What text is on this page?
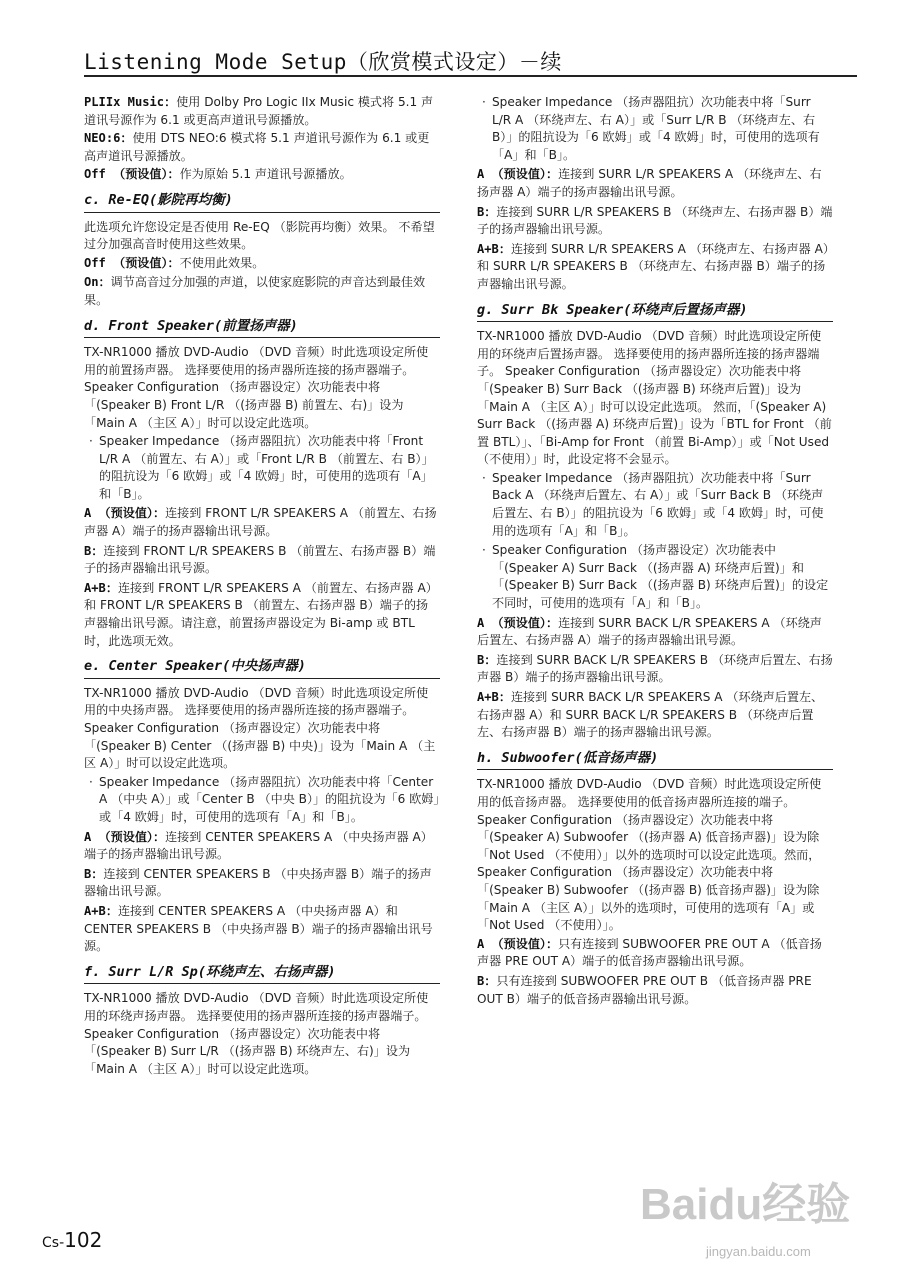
Listening Mode Setup（欣赏模式设定）－续

PLIIx Music：使用 Dolby Pro Logic IIx Music 模式将 5.1 声道讯号源作为 6.1 或更高声道讯号源播放。

NEO:6：使用 DTS NEO:6 模式将 5.1 声道讯号源作为 6.1 或更高声道讯号源播放。

Off （预设值）：作为原始 5.1 声道讯号源播放。

c. Re-EQ(影院再均衡)

此选项允许您设定是否使用 Re-EQ （影院再均衡）效果。 不希望过分加强高音时使用这些效果。

Off （预设值）：不使用此效果。

On：调节高音过分加强的声道，以使家庭影院的声音达到最佳效果。

d. Front Speaker(前置扬声器)

TX-NR1000 播放 DVD-Audio （DVD 音频）时此选项设定所使用的前置扬声器。 选择要使用的扬声器所连接的扬声器端子。Speaker Configuration （扬声器设定）次功能表中将「(Speaker B) Front L/R （(扬声器 B) 前置左、右)」设为「Main A （主区 A）」时可以设定此选项。

· Speaker Impedance （扬声器阻抗）次功能表中将「Front L/R A （前置左、右 A）」或「Front L/R B （前置左、右 B）」的阻抗设为「6 欧姆」或「4 欧姆」时，可使用的选项有「A」和「B」。

A （预设值）：连接到 FRONT L/R SPEAKERS A （前置左、右扬声器 A）端子的扬声器输出讯号源。

B：连接到 FRONT L/R SPEAKERS B （前置左、右扬声器 B）端子的扬声器输出讯号源。

A+B：连接到 FRONT L/R SPEAKERS A （前置左、右扬声器 A）和 FRONT L/R SPEAKERS B （前置左、右扬声器 B）端子的扬声器输出讯号源。请注意，前置扬声器设定为 Bi-amp 或 BTL 时，此选项无效。

e. Center Speaker(中央扬声器)

TX-NR1000 播放 DVD-Audio （DVD 音频）时此选项设定所使用的中央扬声器。 选择要使用的扬声器所连接的扬声器端子。Speaker Configuration （扬声器设定）次功能表中将「(Speaker B) Center （(扬声器 B) 中央)」设为「Main A （主区 A）」时可以设定此选项。

· Speaker Impedance （扬声器阻抗）次功能表中将「Center A （中央 A）」或「Center B （中央 B）」的阻抗设为「6 欧姆」或「4 欧姆」时，可使用的选项有「A」和「B」。

A （预设值）：连接到 CENTER SPEAKERS A （中央扬声器 A）端子的扬声器输出讯号源。

B：连接到 CENTER SPEAKERS B （中央扬声器 B）端子的扬声器输出讯号源。

A+B：连接到 CENTER SPEAKERS A （中央扬声器 A）和 CENTER SPEAKERS B （中央扬声器 B）端子的扬声器输出讯号源。

f. Surr L/R Sp(环绕声左、右扬声器)

TX-NR1000 播放 DVD-Audio （DVD 音频）时此选项设定所使用的环绕声扬声器。 选择要使用的扬声器所连接的扬声器端子。Speaker Configuration （扬声器设定）次功能表中将「(Speaker B) Surr L/R （(扬声器 B) 环绕声左、右)」设为「Main A （主区 A）」时可以设定此选项。

· Speaker Impedance （扬声器阻抗）次功能表中将「Surr L/R A （环绕声左、右 A）」或「Surr L/R B （环绕声左、右 B）」的阻抗设为「6 欧姆」或「4 欧姆」时，可使用的选项有「A」和「B」。

A （预设值）：连接到 SURR L/R SPEAKERS A （环绕声左、右扬声器 A）端子的扬声器输出讯号源。

B：连接到 SURR L/R SPEAKERS B （环绕声左、右扬声器 B）端子的扬声器输出讯号源。

A+B：连接到 SURR L/R SPEAKERS A （环绕声左、右扬声器 A）和 SURR L/R SPEAKERS B （环绕声左、右扬声器 B）端子的扬声器输出讯号源。

g. Surr Bk Speaker(环绕声后置扬声器)

TX-NR1000 播放 DVD-Audio （DVD 音频）时此选项设定所使用的环绕声后置扬声器。 选择要使用的扬声器所连接的扬声器端子。 Speaker Configuration （扬声器设定）次功能表中将「(Speaker B) Surr Back （(扬声器 B) 环绕声后置)」设为「Main A （主区 A）」时可以设定此选项。 然而，「(Speaker A) Surr Back （(扬声器 A) 环绕声后置)」设为「BTL for Front （前置 BTL）」、「Bi-Amp for Front （前置 Bi-Amp）」或「Not Used （不使用）」时，此设定将不会显示。

· Speaker Impedance （扬声器阻抗）次功能表中将「Surr Back A （环绕声后置左、右 A）」或「Surr Back B （环绕声后置左、右 B）」的阻抗设为「6 欧姆」或「4 欧姆」时，可使用的选项有「A」和「B」。

· Speaker Configuration （扬声器设定）次功能表中「(Speaker A) Surr Back （(扬声器 A) 环绕声后置)」和「(Speaker B) Surr Back （(扬声器 B) 环绕声后置)」的设定不同时，可使用的选项有「A」和「B」。

A （预设值）：连接到 SURR BACK L/R SPEAKERS A （环绕声后置左、右扬声器 A）端子的扬声器输出讯号源。

B：连接到 SURR BACK L/R SPEAKERS B （环绕声后置左、右扬声器 B）端子的扬声器输出讯号源。

A+B：连接到 SURR BACK L/R SPEAKERS A （环绕声后置左、右扬声器 A）和 SURR BACK L/R SPEAKERS B （环绕声后置左、右扬声器 B）端子的扬声器输出讯号源。

h. Subwoofer(低音扬声器)

TX-NR1000 播放 DVD-Audio （DVD 音频）时此选项设定所使用的低音扬声器。 选择要使用的低音扬声器所连接的端子。 Speaker Configuration （扬声器设定）次功能表中将「(Speaker A) Subwoofer （(扬声器 A) 低音扬声器)」设为除「Not Used （不使用）」以外的选项时可以设定此选项。然而，Speaker Configuration （扬声器设定）次功能表中将「(Speaker B) Subwoofer （(扬声器 B) 低音扬声器)」设为除「Main A （主区 A）」以外的选项时，可使用的选项有「A」或「Not Used （不使用）」。

A （预设值）：只有连接到 SUBWOOFER PRE OUT A （低音扬声器 PRE OUT A）端子的低音扬声器输出讯号源。

B：只有连接到 SUBWOOFER PRE OUT B （低音扬声器 PRE OUT B）端子的低音扬声器输出讯号源。

Cs-102
Baidu经验
jingyan.baidu.com
